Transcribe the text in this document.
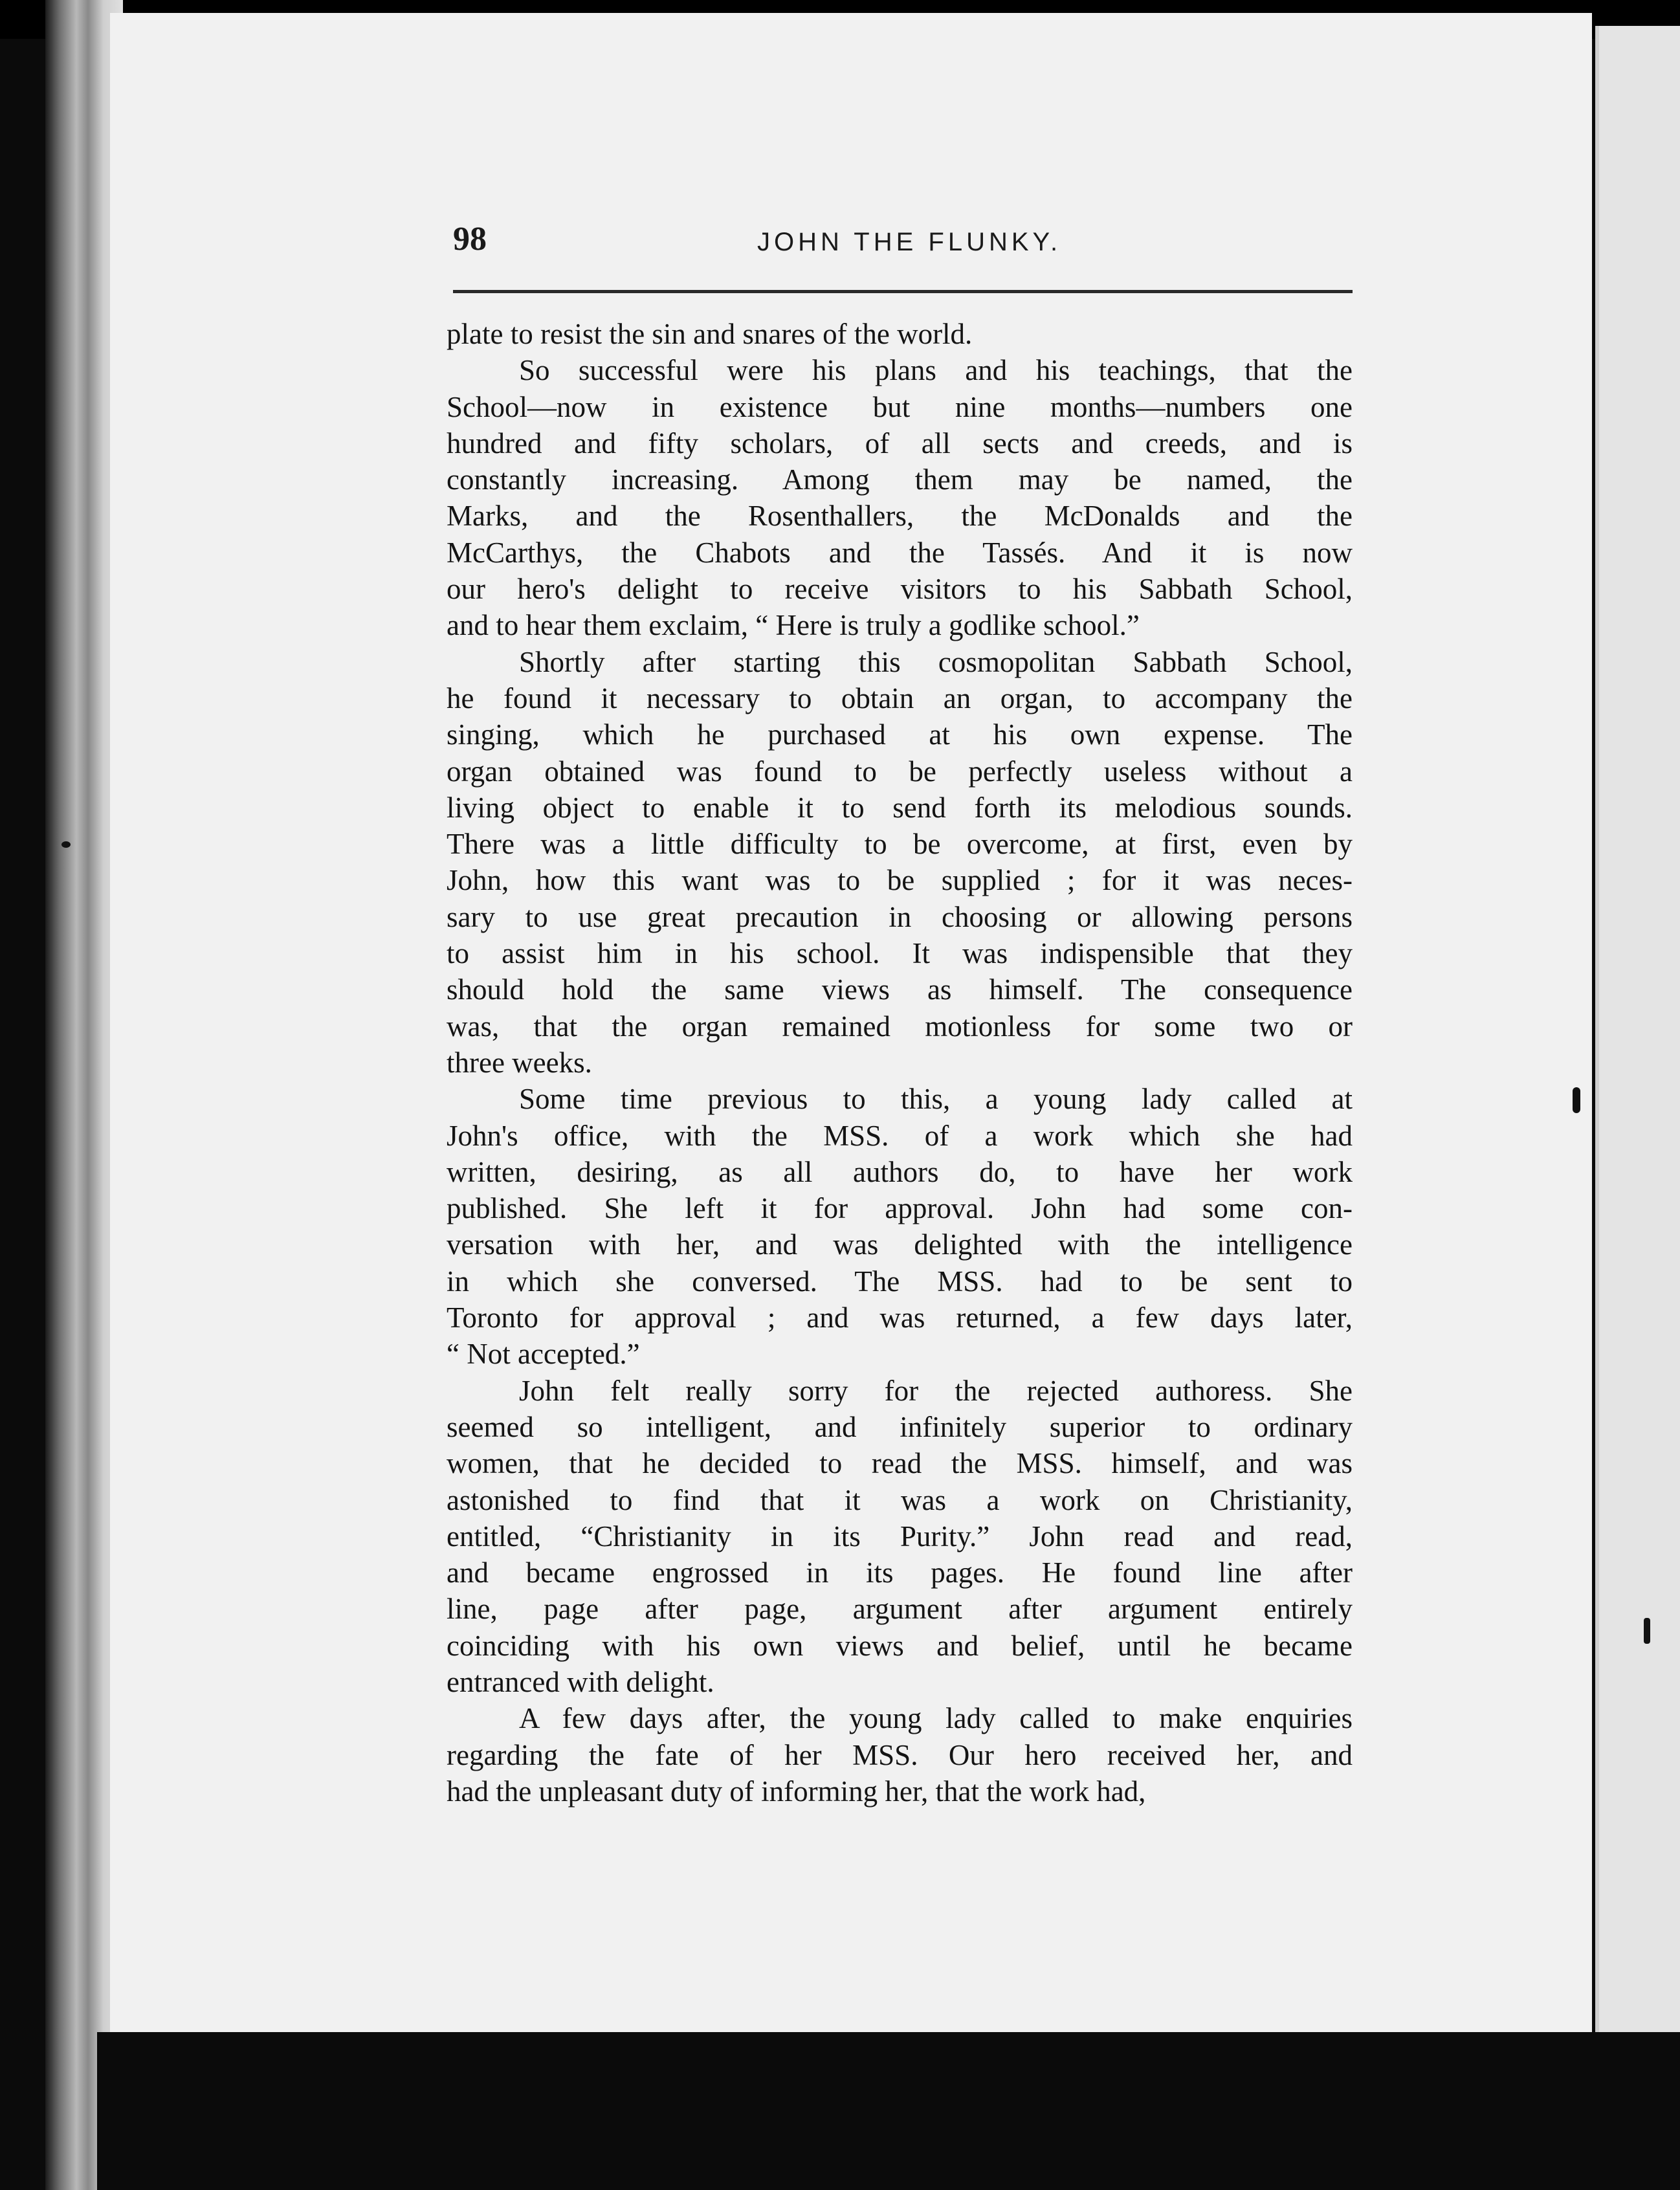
98	JOHN THE FLUNKY.

plate to resist the sin and snares of the world.

So successful were his plans and his teachings, that the
School—now in existence but nine months—numbers one
hundred and fifty scholars, of all sects and creeds, and is
constantly increasing. Among them may be named, the
Marks, and the Rosenthallers, the McDonalds and the
McCarthys, the Chabots and the Tassés. And it is now
our hero's delight to receive visitors to his Sabbath School,
and to hear them exclaim, “ Here is truly a godlike school.”

Shortly after starting this cosmopolitan Sabbath School,
he found it necessary to obtain an organ, to accompany the
singing, which he purchased at his own expense. The
organ obtained was found to be perfectly useless without a
living object to enable it to send forth its melodious sounds.
There was a little difficulty to be overcome, at first, even by
John, how this want was to be supplied ; for it was neces-
sary to use great precaution in choosing or allowing persons
to assist him in his school. It was indispensible that they
should hold the same views as himself. The consequence
was, that the organ remained motionless for some two or
three weeks.

Some time previous to this, a young lady called at
John's office, with the MSS. of a work which she had
written, desiring, as all authors do, to have her work
published. She left it for approval. John had some con-
versation with her, and was delighted with the intelligence
in which she conversed. The MSS. had to be sent to
Toronto for approval ; and was returned, a few days later,
“ Not accepted.”

John felt really sorry for the rejected authoress. She
seemed so intelligent, and infinitely superior to ordinary
women, that he decided to read the MSS. himself, and was
astonished to find that it was a work on Christianity,
entitled, “Christianity in its Purity.” John read and read,
and became engrossed in its pages. He found line after
line, page after page, argument after argument entirely
coinciding with his own views and belief, until he became
entranced with delight.

A few days after, the young lady called to make enquiries
regarding the fate of her MSS. Our hero received her, and
had the unpleasant duty of informing her, that the work had,
